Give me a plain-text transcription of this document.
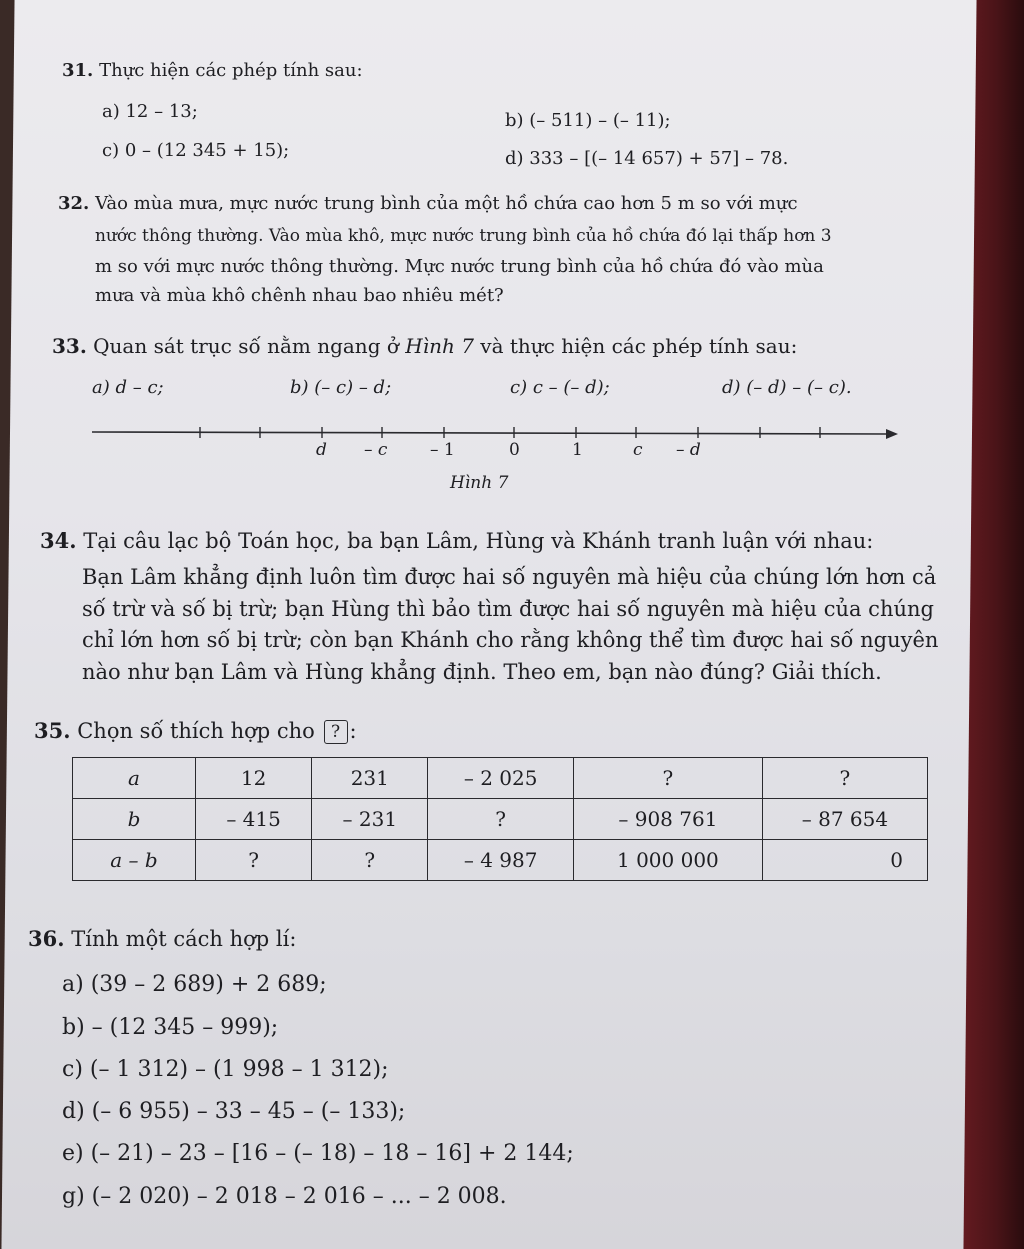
31. Thực hiện các phép tính sau:
a) 12 – 13;	b) (– 511) – (– 11);
c) 0 – (12 345 + 15);	d) 333 – [(– 14 657) + 57] – 78.
32. Vào mùa mưa, mực nước trung bình của một hồ chứa cao hơn 5 m so với mực
nước thông thường. Vào mùa khô, mực nước trung bình của hồ chứa đó lại thấp hơn 3
m so với mực nước thông thường. Mực nước trung bình của hồ chứa đó vào mùa
mưa và mùa khô chênh nhau bao nhiêu mét?
33. Quan sát trục số nằm ngang ở Hình 7 và thực hiện các phép tính sau:
a) d – c;	b) (– c) – d;	c) c – (– d);	d) (– d) – (– c).
d – c	– 1	0	1	c – d
Hình 7
34. Tại câu lạc bộ Toán học, ba bạn Lâm, Hùng và Khánh tranh luận với nhau:
Bạn Lâm khẳng định luôn tìm được hai số nguyên mà hiệu của chúng lớn hơn cả
số trừ và số bị trừ; bạn Hùng thì bảo tìm được hai số nguyên mà hiệu của chúng
chỉ lớn hơn số bị trừ; còn bạn Khánh cho rằng không thể tìm được hai số nguyên
nào như bạn Lâm và Hùng khẳng định. Theo em, bạn nào đúng? Giải thích.
35. Chọn số thích hợp cho ? :
a	12	231	– 2 025	?	?
b	– 415	– 231	?	– 908 761	– 87 654
a – b	?	?	– 4 987	1 000 000	0
36. Tính một cách hợp lí:
a) (39 – 2 689) + 2 689;
b) – (12 345 – 999);
c) (– 1 312) – (1 998 – 1 312);
d) (– 6 955) – 33 – 45 – (– 133);
e) (– 21) – 23 – [16 – (– 18) – 18 – 16] + 2 144;
g) (– 2 020) – 2 018 – 2 016 – ... – 2 008.
